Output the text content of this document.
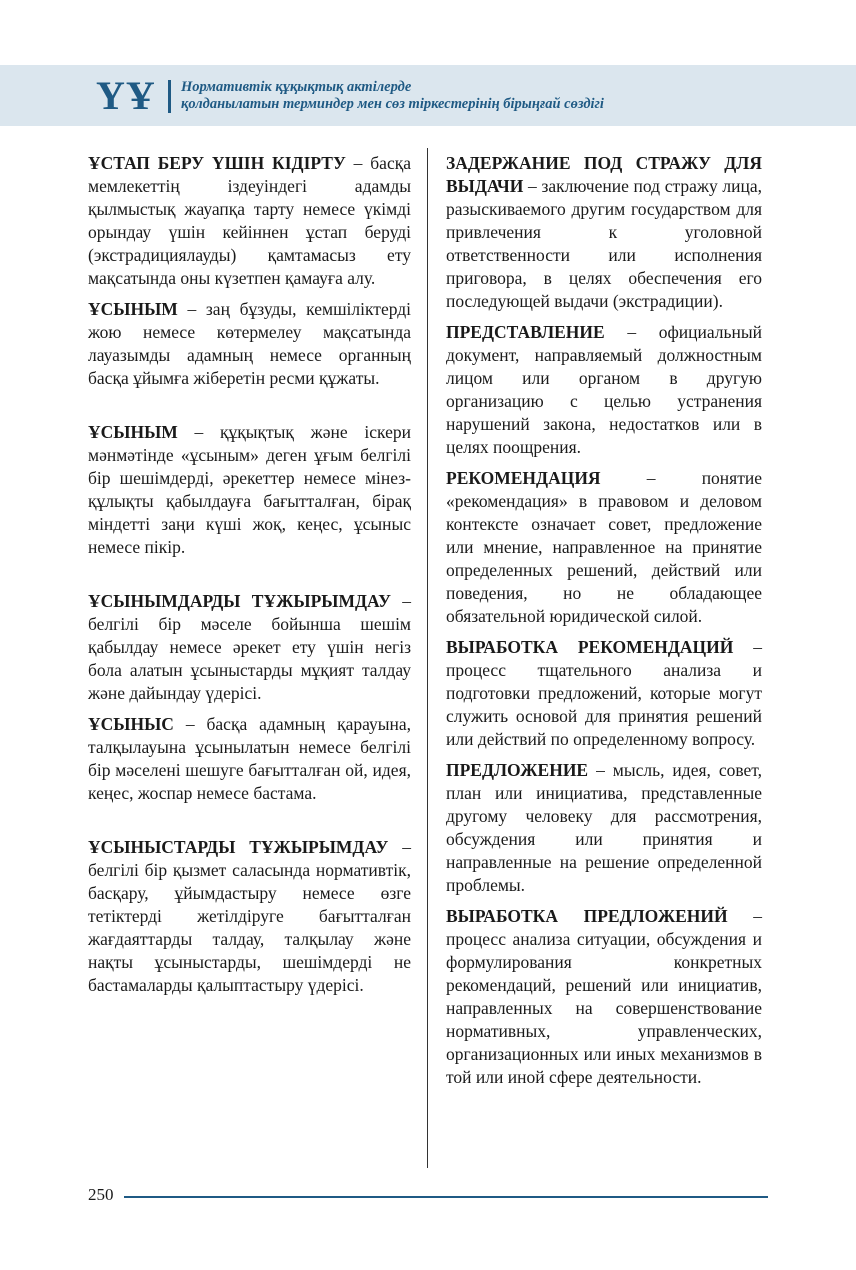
ҮҰ Нормативтік құқықтық актілерде
қолданылатын терминдер мен сөз тіркестерінің бірыңғай сөздігі

ҰСТАП БЕРУ ҮШІН КІДІРТУ – басқа мемлекеттің іздеуіндегі адамды қылмыстық жауапқа тарту немесе үкімді орындау үшін кейіннен ұстап беруді (экстрадициялауды) қамтамасыз ету мақсатында оны күзетпен қамауға алу.

ҰСЫНЫМ – заң бұзуды, кемшіліктерді жою немесе көтермелеу мақсатында лауазымды адамның немесе органның басқа ұйымға жіберетін ресми құжаты.

ҰСЫНЫМ – құқықтық және іскери мәнмәтінде «ұсыным» деген ұғым белгілі бір шешімдерді, әрекеттер немесе мінез-құлықты қабылдауға бағытталған, бірақ міндетті заңи күші жоқ, кеңес, ұсыныс немесе пікір.

ҰСЫНЫМДАРДЫ ТҰЖЫРЫМДАУ – белгілі бір мәселе бойынша шешім қабылдау немесе әрекет ету үшін негіз бола алатын ұсыныстарды мұқият талдау және дайындау үдерісі.

ҰСЫНЫС – басқа адамның қарауына, талқылауына ұсынылатын немесе белгілі бір мәселені шешуге бағытталған ой, идея, кеңес, жоспар немесе бастама.

ҰСЫНЫСТАРДЫ ТҰЖЫРЫМДАУ – белгілі бір қызмет саласында нормативтік, басқару, ұйымдастыру немесе өзге тетіктерді жетілдіруге бағытталған жағдаяттарды талдау, талқылау және нақты ұсыныстарды, шешімдерді не бастамаларды қалыптастыру үдерісі.

ЗАДЕРЖАНИЕ ПОД СТРАЖУ ДЛЯ ВЫДАЧИ – заключение под стражу лица, разыскиваемого другим государством для привлечения к уголовной ответственности или исполнения приговора, в целях обеспечения его последующей выдачи (экстрадиции).

ПРЕДСТАВЛЕНИЕ – официальный документ, направляемый должностным лицом или органом в другую организацию с целью устранения нарушений закона, недостатков или в целях поощрения.

РЕКОМЕНДАЦИЯ – понятие «рекомендация» в правовом и деловом контексте означает совет, предложение или мнение, направленное на принятие определенных решений, действий или поведения, но не обладающее обязательной юридической силой.

ВЫРАБОТКА РЕКОМЕНДАЦИЙ – процесс тщательного анализа и подготовки предложений, которые могут служить основой для принятия решений или действий по определенному вопросу.

ПРЕДЛОЖЕНИЕ – мысль, идея, совет, план или инициатива, представленные другому человеку для рассмотрения, обсуждения или принятия и направленные на решение определенной проблемы.

ВЫРАБОТКА ПРЕДЛОЖЕНИЙ – процесс анализа ситуации, обсуждения и формулирования конкретных рекомендаций, решений или инициатив, направленных на совершенствование нормативных, управленческих, организационных или иных механизмов в той или иной сфере деятельности.

250
